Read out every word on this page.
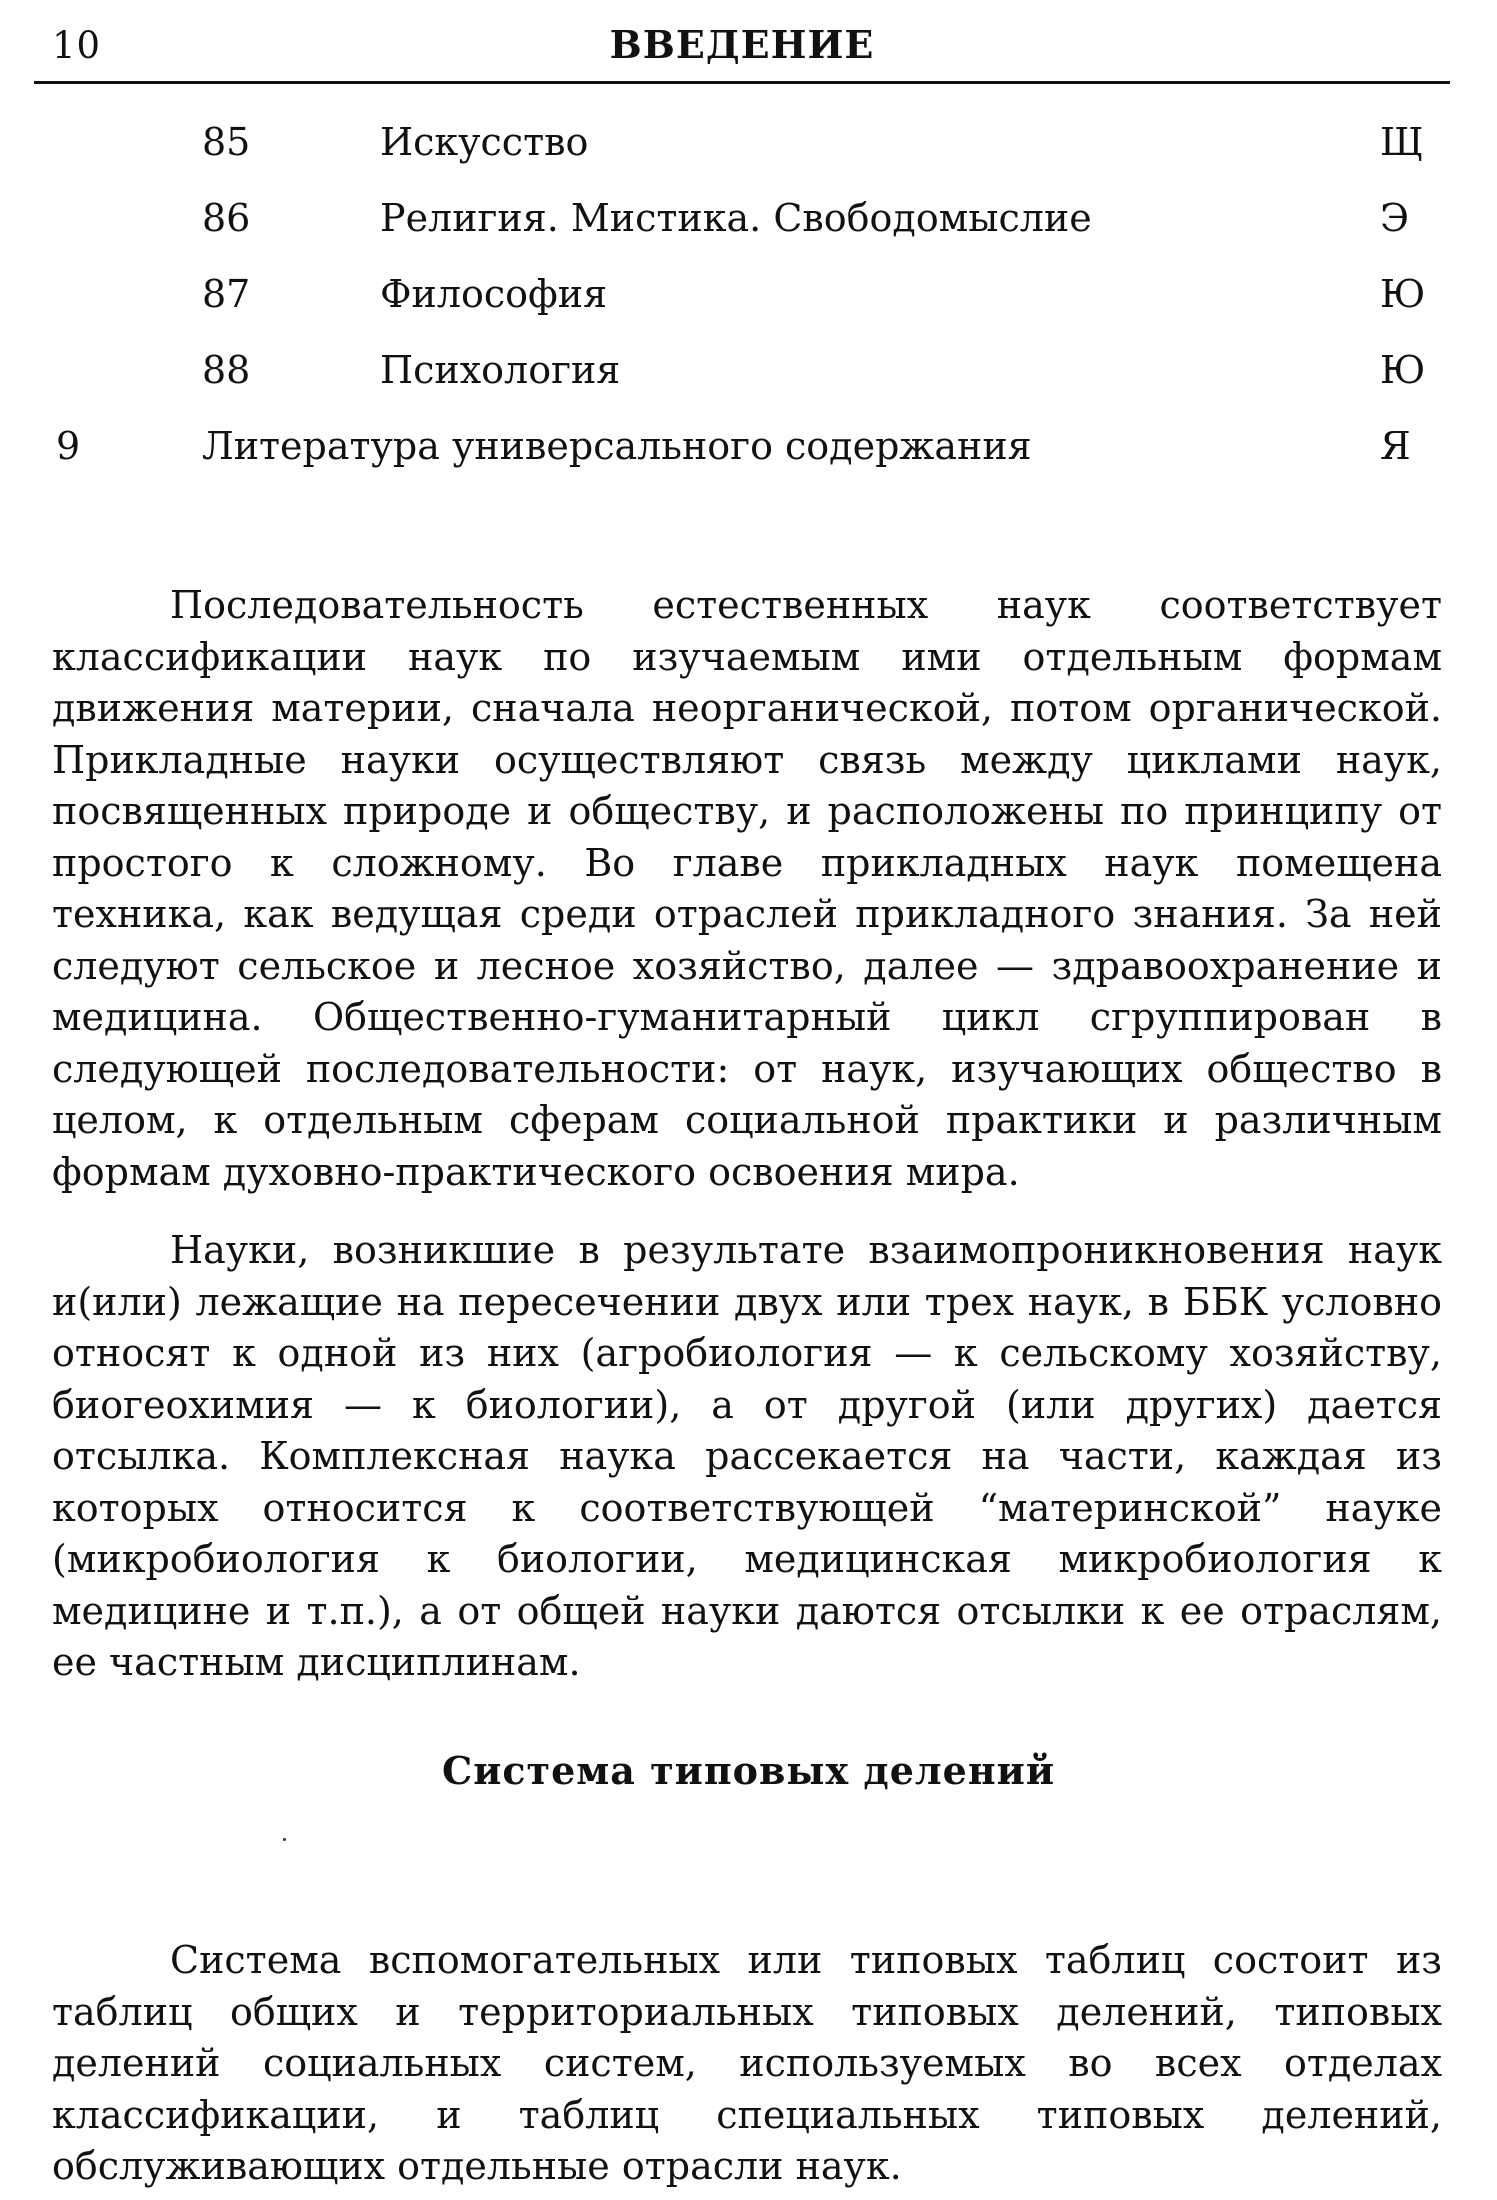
10	ВВЕДЕНИЕ
85	Искусство	Щ
86	Религия. Мистика. Свободомыслие	Э
87	Философия	Ю
88	Психология	Ю
9	Литература универсального содержания	Я

Последовательность естественных наук соответствует классификации наук по изучаемым ими отдельным формам движения материи, сначала неорганической, потом органической. Прикладные науки осуществляют связь между циклами наук, посвященных природе и обществу, и расположены по принципу от простого к сложному. Во главе прикладных наук помещена техника, как ведущая среди отраслей прикладного знания. За ней следуют сельское и лесное хозяйство, далее — здравоохранение и медицина. Общественно-гуманитарный цикл сгруппирован в следующей последовательности: от наук, изучающих общество в целом, к отдельным сферам социальной практики и различным формам духовно-практического освоения мира.

Науки, возникшие в результате взаимопроникновения наук и(или) лежащие на пересечении двух или трех наук, в ББК условно относят к одной из них (агробиология — к сельскому хозяйству, биогеохимия — к биологии), а от другой (или других) дается отсылка. Комплексная наука рассекается на части, каждая из которых относится к соответствующей “материнской” науке (микробиология к биологии, медицинская микробиология к медицине и т.п.), а от общей науки даются отсылки к ее отраслям, ее частным дисциплинам.

Система типовых делений

Система вспомогательных или типовых таблиц состоит из таблиц общих и территориальных типовых делений, типовых делений социальных систем, используемых во всех отделах классификации, и таблиц специальных типовых делений, обслуживающих отдельные отрасли наук.
